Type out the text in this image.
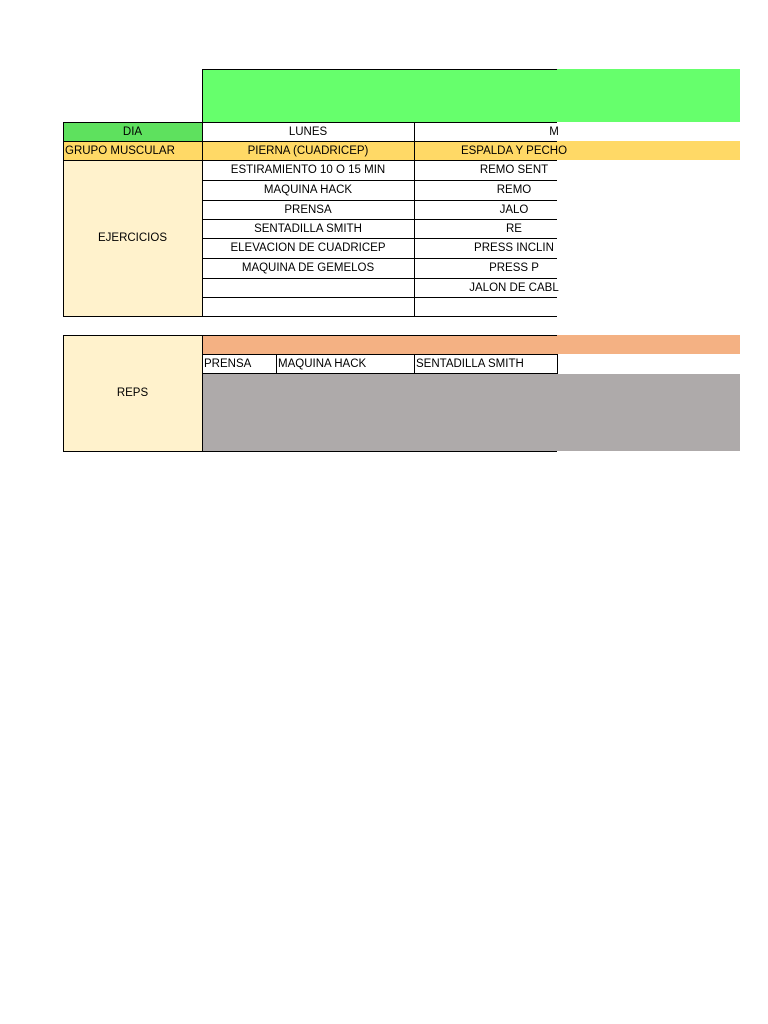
DIA
GRUPO MUSCULAR
EJERCICIOS
LUNES
PIERNA (CUADRICEP)
ESTIRAMIENTO 10 O 15 MIN
MAQUINA HACK
PRENSA
SENTADILLA SMITH
ELEVACION DE CUADRICEP
MAQUINA DE GEMELOS
M
ESPALDA Y PECHO
REMO SENT
REMO
JALO
RE
PRESS INCLIN
PRESS P
JALON DE CABL
REPS
PRENSA	MAQUINA HACK	SENTADILLA SMITH
